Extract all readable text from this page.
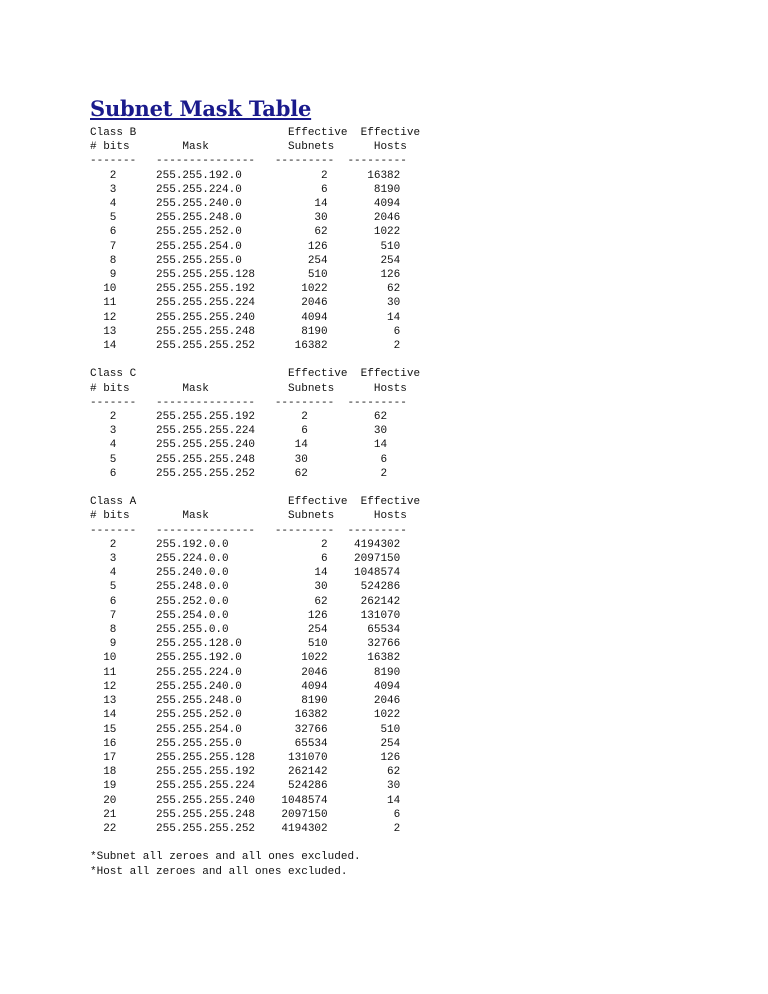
Subnet Mask Table
Class B                       Effective  Effective
# bits        Mask            Subnets      Hosts
-------   ---------------   ---------  ---------
2      255.255.192.0            2      16382
3      255.255.224.0            6       8190
4      255.255.240.0           14       4094
5      255.255.248.0           30       2046
6      255.255.252.0           62       1022
7      255.255.254.0          126        510
8      255.255.255.0          254        254
9      255.255.255.128        510        126
10      255.255.255.192       1022         62
11      255.255.255.224       2046         30
12      255.255.255.240       4094         14
13      255.255.255.248       8190          6
14      255.255.255.252      16382          2
Class C                       Effective  Effective
# bits        Mask            Subnets      Hosts
-------   ---------------   ---------  ---------
2      255.255.255.192       2          62
3      255.255.255.224       6          30
4      255.255.255.240      14          14
5      255.255.255.248      30           6
6      255.255.255.252      62           2
Class A                       Effective  Effective
# bits        Mask            Subnets      Hosts
-------   ---------------   ---------  ---------
2      255.192.0.0              2    4194302
3      255.224.0.0              6    2097150
4      255.240.0.0             14    1048574
5      255.248.0.0             30     524286
6      255.252.0.0             62     262142
7      255.254.0.0            126     131070
8      255.255.0.0            254      65534
9      255.255.128.0          510      32766
10      255.255.192.0         1022      16382
11      255.255.224.0         2046       8190
12      255.255.240.0         4094       4094
13      255.255.248.0         8190       2046
14      255.255.252.0        16382       1022
15      255.255.254.0        32766        510
16      255.255.255.0        65534        254
17      255.255.255.128     131070        126
18      255.255.255.192     262142         62
19      255.255.255.224     524286         30
20      255.255.255.240    1048574         14
21      255.255.255.248    2097150          6
22      255.255.255.252    4194302          2
*Subnet all zeroes and all ones excluded.
*Host all zeroes and all ones excluded.
